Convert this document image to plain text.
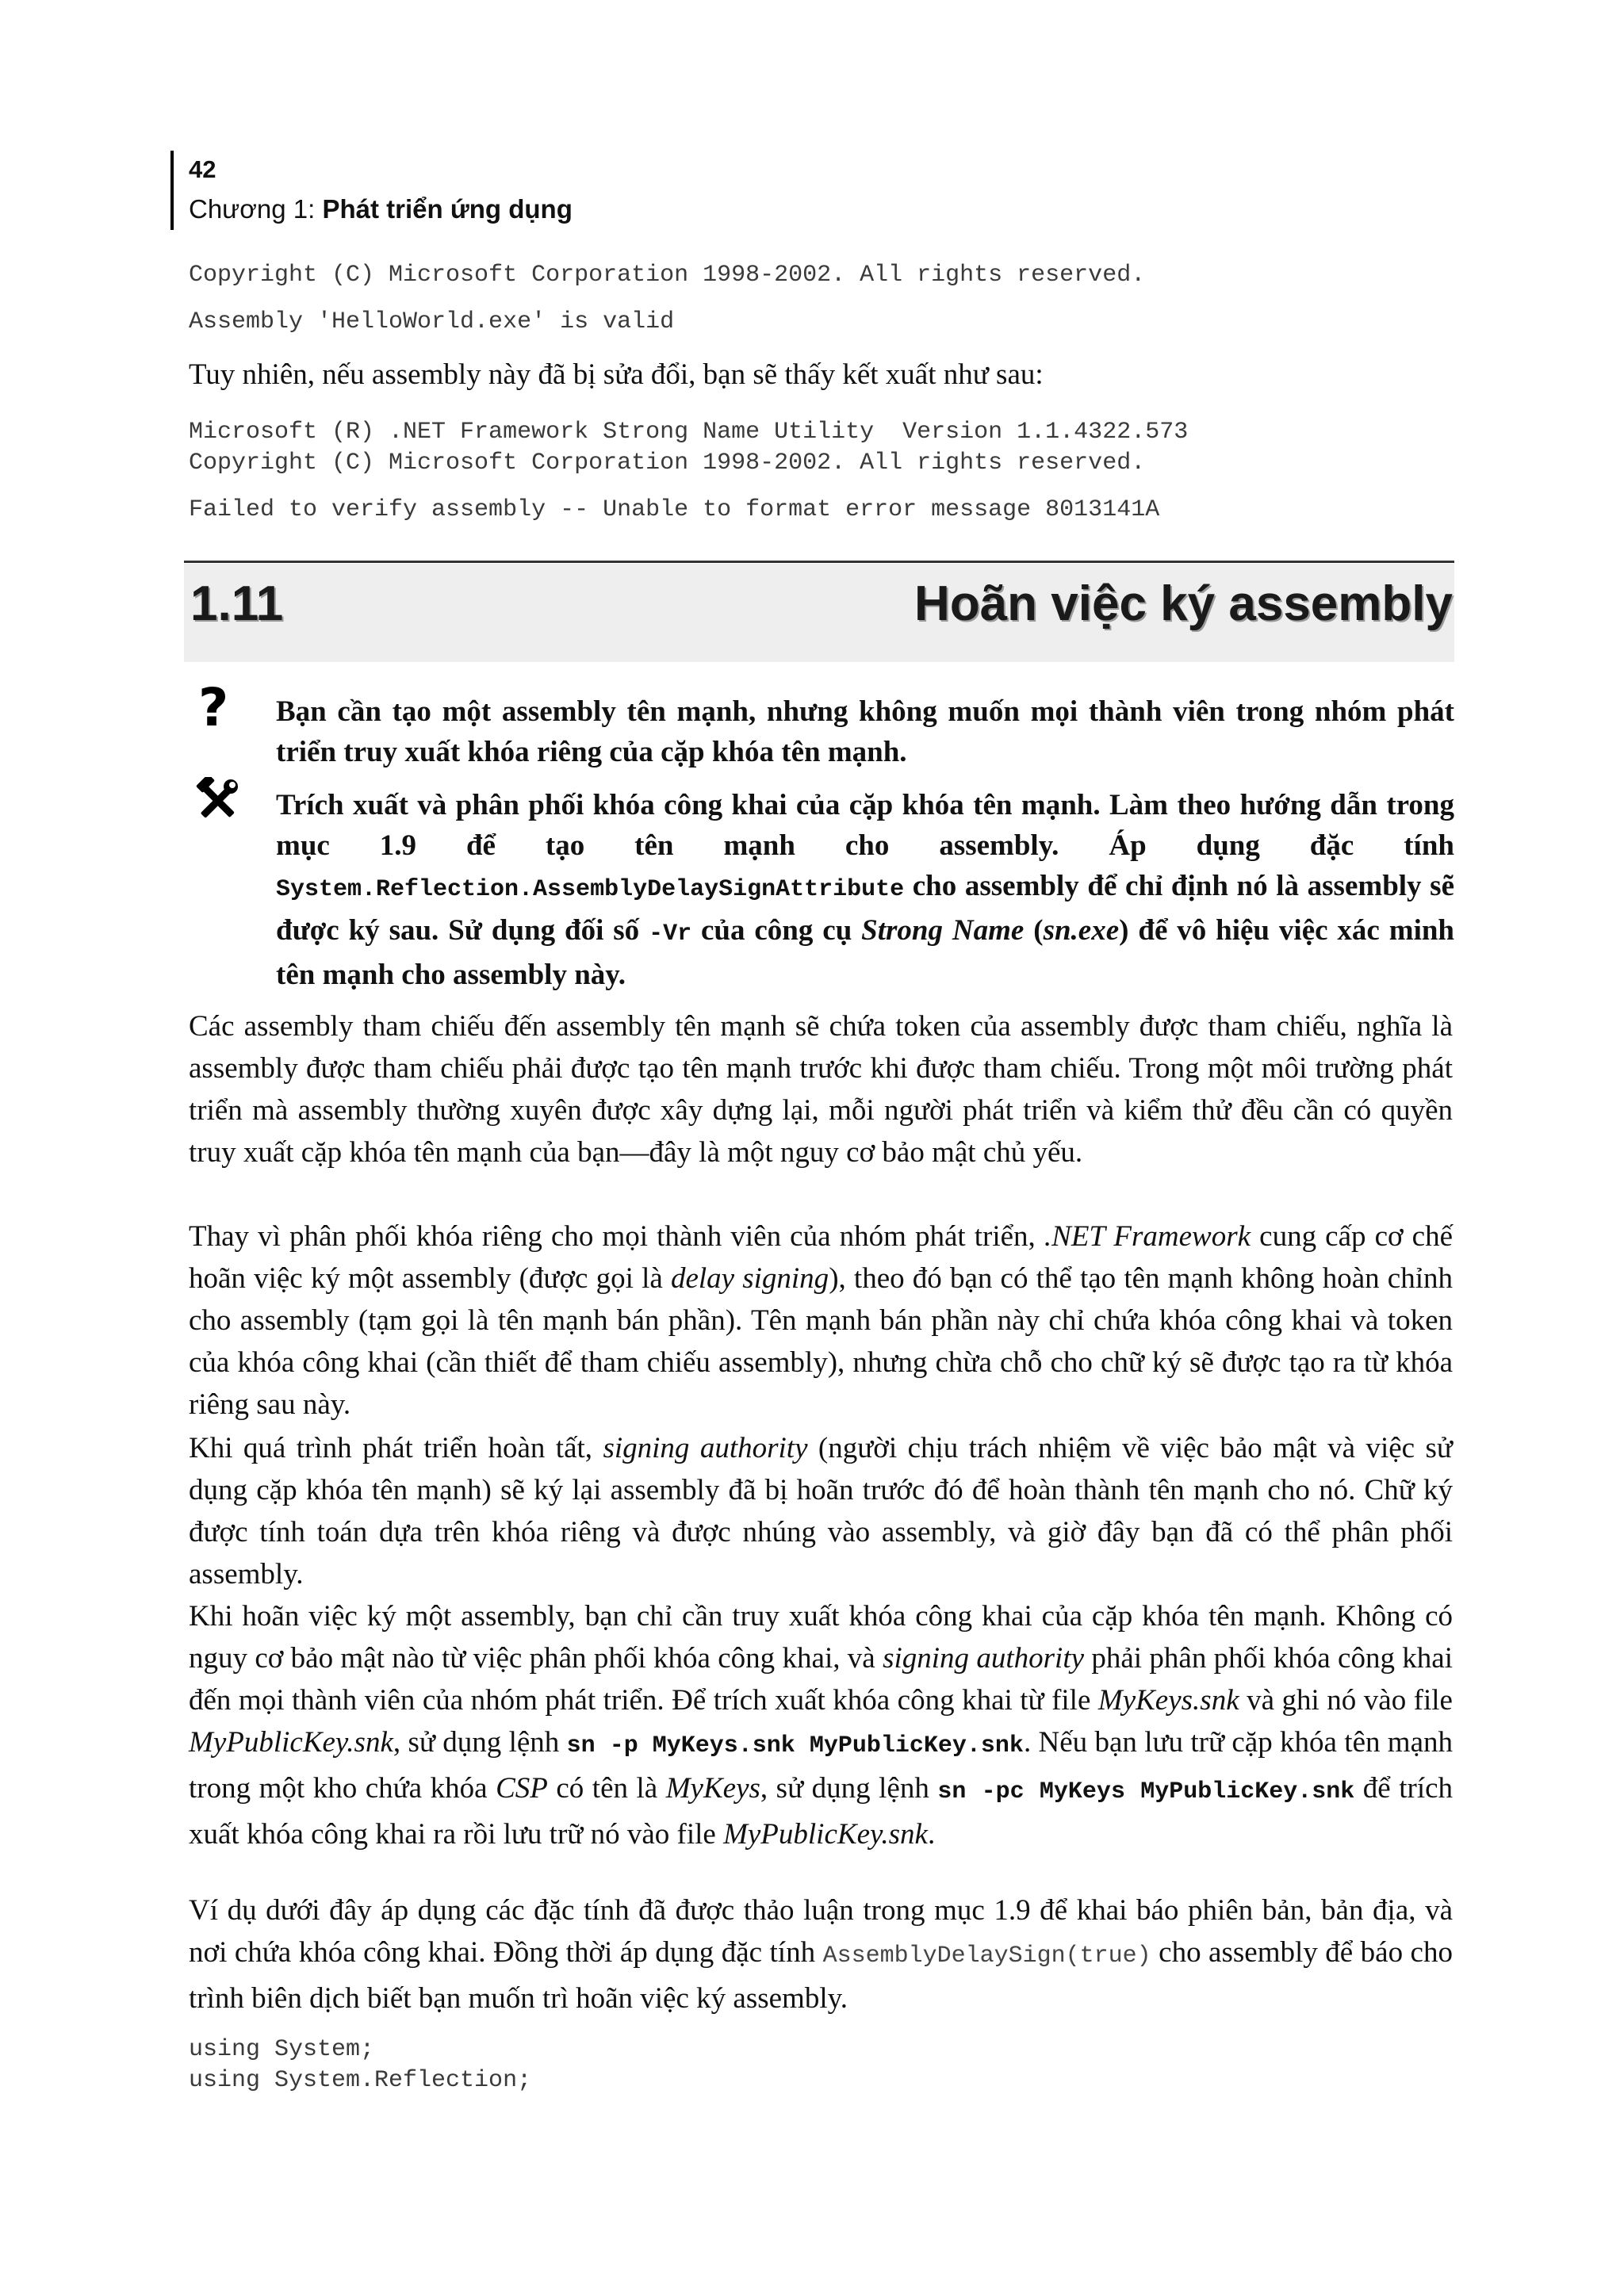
42
Chương 1: Phát triển ứng dụng
Copyright (C) Microsoft Corporation 1998-2002. All rights reserved.
Assembly 'HelloWorld.exe' is valid

Tuy nhiên, nếu assembly này đã bị sửa đổi, bạn sẽ thấy kết xuất như sau:

Microsoft (R) .NET Framework Strong Name Utility  Version 1.1.4322.573
Copyright (C) Microsoft Corporation 1998-2002. All rights reserved.
Failed to verify assembly -- Unable to format error message 8013141A
1.11	Hoãn việc ký assembly
? Bạn cần tạo một assembly tên mạnh, nhưng không muốn mọi thành viên trong nhóm phát triển truy xuất khóa riêng của cặp khóa tên mạnh.

Trích xuất và phân phối khóa công khai của cặp khóa tên mạnh. Làm theo hướng dẫn trong mục 1.9 để tạo tên mạnh cho assembly. Áp dụng đặc tính System.Reflection.AssemblyDelaySignAttribute cho assembly để chỉ định nó là assembly sẽ được ký sau. Sử dụng đối số -Vr của công cụ Strong Name (sn.exe) để vô hiệu việc xác minh tên mạnh cho assembly này.

Các assembly tham chiếu đến assembly tên mạnh sẽ chứa token của assembly được tham chiếu, nghĩa là assembly được tham chiếu phải được tạo tên mạnh trước khi được tham chiếu. Trong một môi trường phát triển mà assembly thường xuyên được xây dựng lại, mỗi người phát triển và kiểm thử đều cần có quyền truy xuất cặp khóa tên mạnh của bạn—đây là một nguy cơ bảo mật chủ yếu.

Thay vì phân phối khóa riêng cho mọi thành viên của nhóm phát triển, .NET Framework cung cấp cơ chế hoãn việc ký một assembly (được gọi là delay signing), theo đó bạn có thể tạo tên mạnh không hoàn chỉnh cho assembly (tạm gọi là tên mạnh bán phần). Tên mạnh bán phần này chỉ chứa khóa công khai và token của khóa công khai (cần thiết để tham chiếu assembly), nhưng chừa chỗ cho chữ ký sẽ được tạo ra từ khóa riêng sau này.

Khi quá trình phát triển hoàn tất, signing authority (người chịu trách nhiệm về việc bảo mật và việc sử dụng cặp khóa tên mạnh) sẽ ký lại assembly đã bị hoãn trước đó để hoàn thành tên mạnh cho nó. Chữ ký được tính toán dựa trên khóa riêng và được nhúng vào assembly, và giờ đây bạn đã có thể phân phối assembly.

Khi hoãn việc ký một assembly, bạn chỉ cần truy xuất khóa công khai của cặp khóa tên mạnh. Không có nguy cơ bảo mật nào từ việc phân phối khóa công khai, và signing authority phải phân phối khóa công khai đến mọi thành viên của nhóm phát triển. Để trích xuất khóa công khai từ file MyKeys.snk và ghi nó vào file MyPublicKey.snk, sử dụng lệnh sn -p MyKeys.snk MyPublicKey.snk. Nếu bạn lưu trữ cặp khóa tên mạnh trong một kho chứa khóa CSP có tên là MyKeys, sử dụng lệnh sn -pc MyKeys MyPublicKey.snk để trích xuất khóa công khai ra rồi lưu trữ nó vào file MyPublicKey.snk.

Ví dụ dưới đây áp dụng các đặc tính đã được thảo luận trong mục 1.9 để khai báo phiên bản, bản địa, và nơi chứa khóa công khai. Đồng thời áp dụng đặc tính AssemblyDelaySign(true) cho assembly để báo cho trình biên dịch biết bạn muốn trì hoãn việc ký assembly.

using System;
using System.Reflection;
